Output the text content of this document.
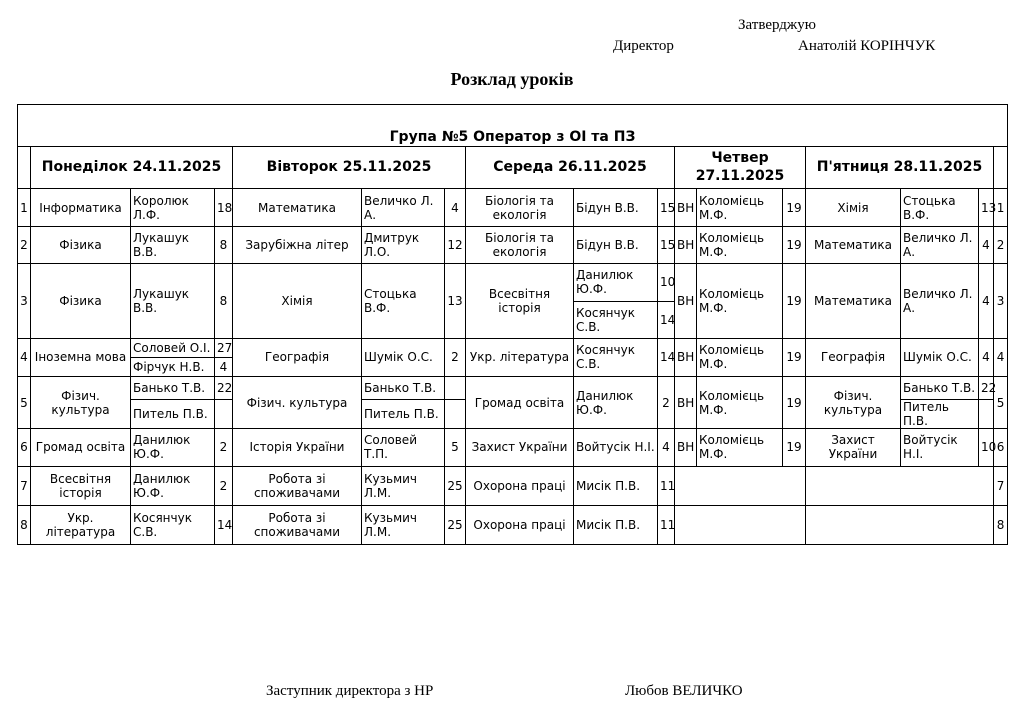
Затверджую
Директор	Анатолій КОРІНЧУК
Розклад уроків
Група №5 Оператор з ОІ та ПЗ																
	Понеділок 24.11.2025			Вівторок 25.11.2025			Середа 26.11.2025			Четвер 27.11.2025			П'ятниця 28.11.2025			
1	Інформатика	Королюк Л.Ф.	18	Математика	Величко Л. А.	4	Біологія та екологія	Бідун В.В.	15	ВН	Коломієць М.Ф.	19	Хімія	Стоцька В.Ф.	13	1
2	Фізика	Лукашук В.В.	8	Зарубіжна літер	Дмитрук Л.О.	12	Біологія та екологія	Бідун В.В.	15	ВН	Коломієць М.Ф.	19	Математика	Величко Л. А.	4	2
3	Фізика	Лукашук В.В.	8	Хімія	Стоцька В.Ф.	13	Всесвітня історія	Данилюк Ю.Ф.	10	ВН	Коломієць М.Ф.	19	Математика	Величко Л. А.	4	3
								Косянчук С.В.	14							
4	Іноземна мова	Соловей О.І.	27	Географія	Шумік О.С.	2	Укр. література	Косянчук С.В.	14	ВН	Коломієць М.Ф.	19	Географія	Шумік О.С.	4	4
		Фірчук Н.В.	4													
5	Фізич. культура	Банько Т.В.	22	Фізич. культура	Банько Т.В.		Громад освіта	Данилюк Ю.Ф.	2	ВН	Коломієць М.Ф.	19	Фізич. культура	Банько Т.В.	22	5
		Питель П.В.			Питель П.В.									Питель П.В.		
6	Громад освіта	Данилюк Ю.Ф.	2	Історія України	Соловей Т.П.	5	Захист України	Войтусік Н.І.	4	ВН	Коломієць М.Ф.	19	Захист України	Войтусік Н.І.	10	6
7	Всесвітня історія	Данилюк Ю.Ф.	2	Робота зі споживачами	Кузьмич Л.М.	25	Охорона праці	Мисік П.В.	11							7
8	Укр. література	Косянчук С.В.	14	Робота зі споживачами	Кузьмич Л.М.	25	Охорона праці	Мисік П.В.	11							8
Заступник директора з НР	Любов ВЕЛИЧКО
